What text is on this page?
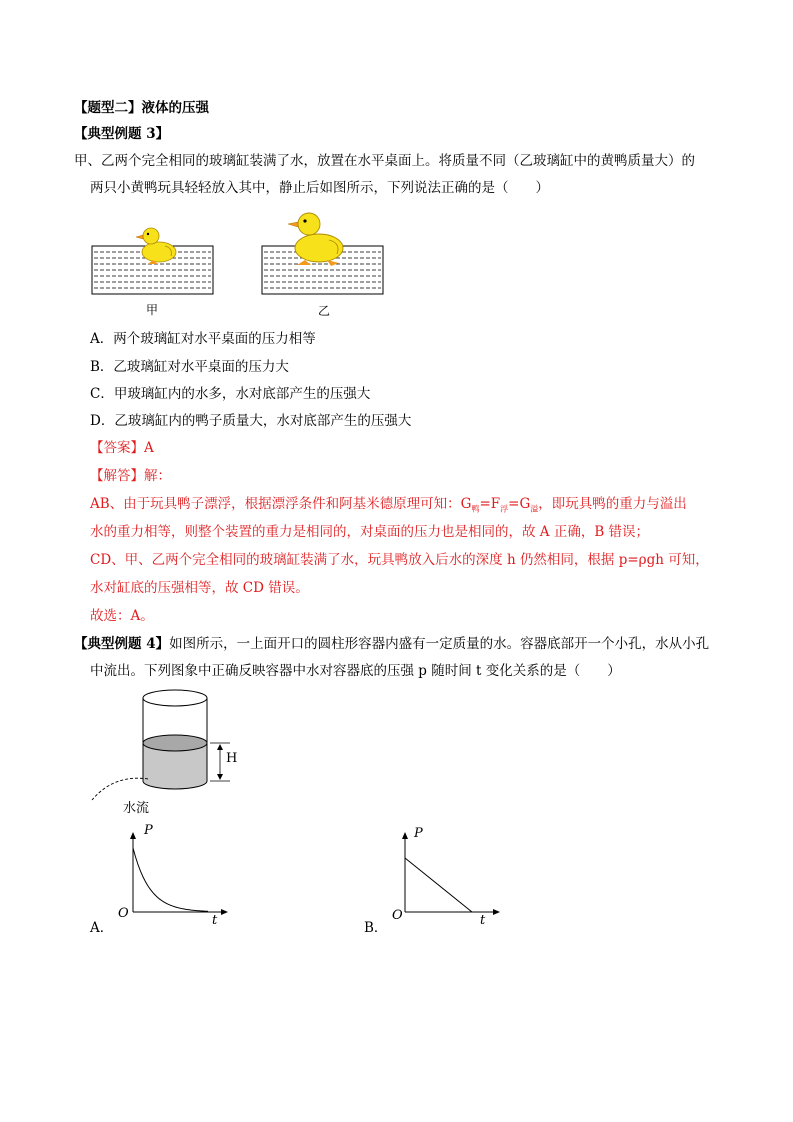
【题型二】液体的压强
【典型例题 3】
甲、乙两个完全相同的玻璃缸装满了水，放置在水平桌面上。将质量不同（乙玻璃缸中的黄鸭质量大）的
两只小黄鸭玩具轻轻放入其中，静止后如图所示，下列说法正确的是（　　）
甲	乙
A．两个玻璃缸对水平桌面的压力相等
B．乙玻璃缸对水平桌面的压力大
C．甲玻璃缸内的水多，水对底部产生的压强大
D．乙玻璃缸内的鸭子质量大，水对底部产生的压强大
【答案】A
【解答】解：
AB、由于玩具鸭子漂浮，根据漂浮条件和阿基米德原理可知：$G_鸭=F_浮=G_溢$，即玩具鸭的重力与溢出
水的重力相等，则整个装置的重力是相同的，对桌面的压力也是相同的，故 A 正确，B 错误；
CD、甲、乙两个完全相同的玻璃缸装满了水，玩具鸭放入后水的深度 h 仍然相同，根据 p=ρgh 可知，
水对缸底的压强相等，故 CD 错误。
故选：A。
【典型例题 4】如图所示，一上面开口的圆柱形容器内盛有一定质量的水。容器底部开一个小孔，水从小孔
中流出。下列图象中正确反映容器中水对容器底的压强 p 随时间 t 变化关系的是（　　）
H
水流
P
O	t
A．
P
O	t
B．
